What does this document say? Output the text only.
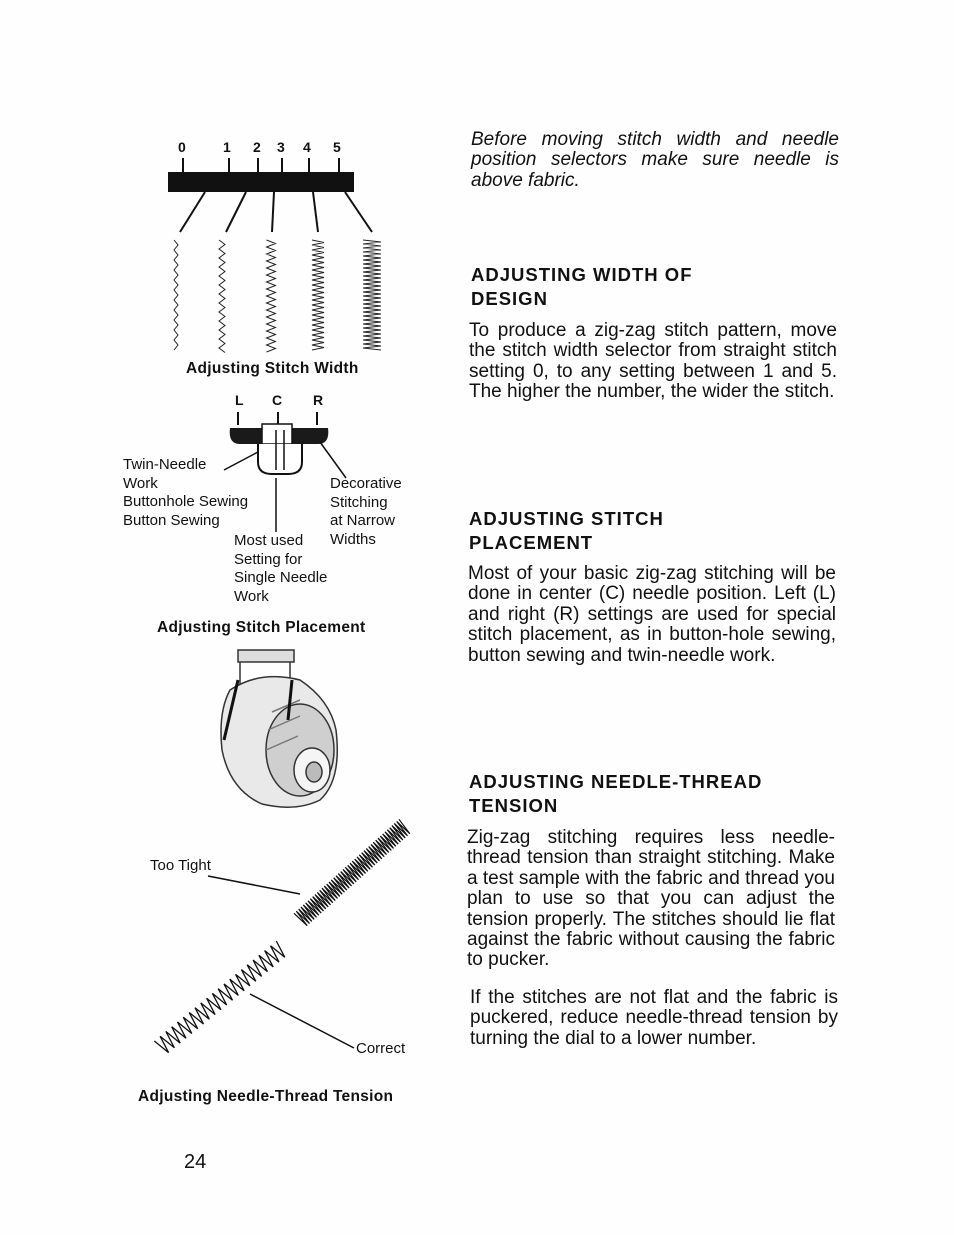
0	1 2 3 4 5

Adjusting Stitch Width

L C R

Twin-Needle

Work

Buttonhole Sewing

Button Sewing

Decorative

Stitching

at Narrow

Widths

Most used

Setting for

Single Needle

Work

Adjusting Stitch Placement

Too Tight
Correct

Adjusting Needle-Thread Tension

Before moving stitch width and needle position selectors make sure needle is above fabric.

ADJUSTING WIDTH OF
DESIGN

To produce a zig-zag stitch pattern, move the stitch width selector from straight stitch setting 0, to any setting between 1 and 5. The higher the number, the wider the stitch.

ADJUSTING STITCH
PLACEMENT

Most of your basic zig-zag stitching will be done in center (C) needle position. Left (L) and right (R) settings are used for special stitch placement, as in button-hole sewing, button sewing and twin-needle work.

ADJUSTING NEEDLE-THREAD
TENSION

Zig-zag stitching requires less needle-thread tension than straight stitching. Make a test sample with the fabric and thread you plan to use so that you can adjust the tension properly. The stitches should lie flat against the fabric without causing the fabric to pucker.

If the stitches are not flat and the fabric is puckered, reduce needle-thread tension by turning the dial to a lower number.

24
